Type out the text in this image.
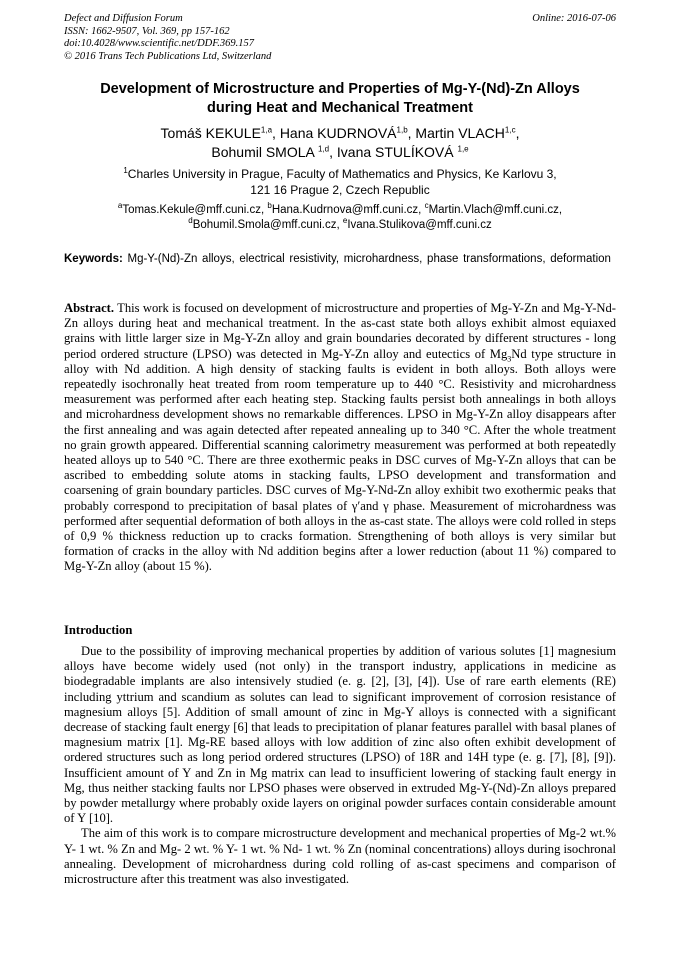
Defect and Diffusion Forum
ISSN: 1662-9507, Vol. 369, pp 157-162
doi:10.4028/www.scientific.net/DDF.369.157
© 2016 Trans Tech Publications Ltd, Switzerland
Online: 2016-07-06
Development of Microstructure and Properties of Mg-Y-(Nd)-Zn Alloys
during Heat and Mechanical Treatment
Tomáš KEKULE$^{1,a}$, Hana KUDRNOVÁ$^{1,b}$, Martin VLACH$^{1,c}$,
Bohumil SMOLA $^{1,d}$, Ivana STULÍKOVÁ $^{1,e}$
$^1$Charles University in Prague, Faculty of Mathematics and Physics, Ke Karlovu 3,
121 16 Prague 2, Czech Republic
$^a$Tomas.Kekule@mff.cuni.cz, $^b$Hana.Kudrnova@mff.cuni.cz, $^c$Martin.Vlach@mff.cuni.cz,
$^d$Bohumil.Smola@mff.cuni.cz, $^e$Ivana.Stulikova@mff.cuni.cz
Keywords: Mg-Y-(Nd)-Zn alloys, electrical resistivity, microhardness, phase transformations, deformation
Abstract. This work is focused on development of microstructure and properties of Mg-Y-Zn and Mg-Y-Nd-Zn alloys during heat and mechanical treatment. In the as-cast state both alloys exhibit almost equiaxed grains with little larger size in Mg-Y-Zn alloy and grain boundaries decorated by different structures - long period ordered structure (LPSO) was detected in Mg-Y-Zn alloy and eutectics of $Mg_3Nd$ type structure in alloy with Nd addition. A high density of stacking faults is evident in both alloys. Both alloys were repeatedly isochronally heat treated from room temperature up to 440 °C. Resistivity and microhardness measurement was performed after each heating step. Stacking faults persist both annealings in both alloys and microhardness development shows no remarkable differences. LPSO in Mg-Y-Zn alloy disappears after the first annealing and was again detected after repeated annealing up to 340 °C. After the whole treatment no grain growth appeared. Differential scanning calorimetry measurement was performed at both repeatedly heated alloys up to 540 °C. There are three exothermic peaks in DSC curves of Mg-Y-Zn alloys that can be ascribed to embedding solute atoms in stacking faults, LPSO development and transformation and coarsening of grain boundary particles. DSC curves of Mg-Y-Nd-Zn alloy exhibit two exothermic peaks that probably correspond to precipitation of basal plates of γ′and γ phase. Measurement of microhardness was performed after sequential deformation of both alloys in the as-cast state. The alloys were cold rolled in steps of 0,9 % thickness reduction up to cracks formation. Strengthening of both alloys is very similar but formation of cracks in the alloy with Nd addition begins after a lower reduction (about 11 %) compared to Mg-Y-Zn alloy (about 15 %).
Introduction

Due to the possibility of improving mechanical properties by addition of various solutes [1] magnesium alloys have become widely used (not only) in the transport industry, applications in medicine as biodegradable implants are also intensively studied (e. g. [2], [3], [4]). Use of rare earth elements (RE) including yttrium and scandium as solutes can lead to significant improvement of corrosion resistance of magnesium alloys [5]. Addition of small amount of zinc in Mg-Y alloys is connected with a significant decrease of stacking fault energy [6] that leads to precipitation of planar features parallel with basal planes of magnesium matrix [1]. Mg-RE based alloys with low addition of zinc also often exhibit development of ordered structures such as long period ordered structures (LPSO) of 18R and 14H type (e. g. [7], [8], [9]). Insufficient amount of Y and Zn in Mg matrix can lead to insufficient lowering of stacking fault energy in Mg, thus neither stacking faults nor LPSO phases were observed in extruded Mg-Y-(Nd)-Zn alloys prepared by powder metallurgy where probably oxide layers on original powder surfaces contain considerable amount of Y [10].

The aim of this work is to compare microstructure development and mechanical properties of Mg-2 wt.% Y- 1 wt. % Zn and Mg- 2 wt. % Y- 1 wt. % Nd- 1 wt. % Zn (nominal concentrations) alloys during isochronal annealing. Development of microhardness during cold rolling of as-cast specimens and comparison of microstructure after this treatment was also investigated.
